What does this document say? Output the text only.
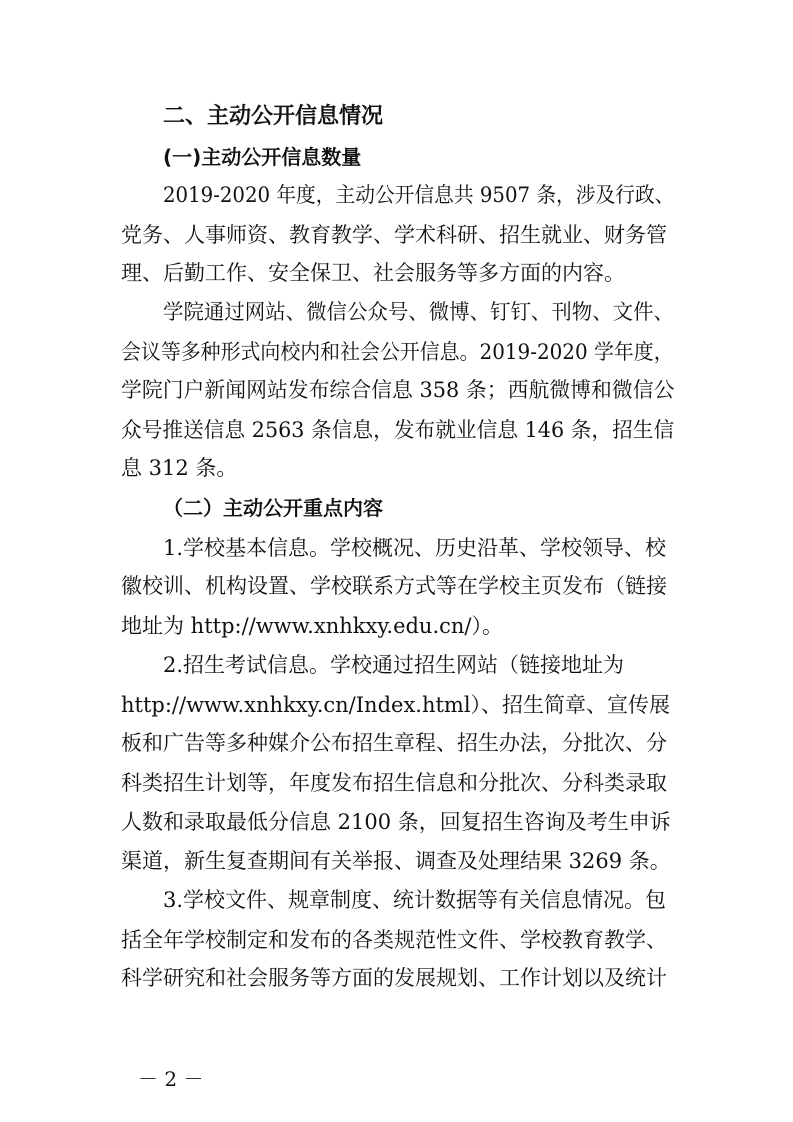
二、主动公开信息情况
(一)主动公开信息数量
2019-2020 年度，主动公开信息共 9507 条，涉及行政、
党务、人事师资、教育教学、学术科研、招生就业、财务管
理、后勤工作、安全保卫、社会服务等多方面的内容。
学院通过网站、微信公众号、微博、钉钉、刊物、文件、
会议等多种形式向校内和社会公开信息。2019-2020 学年度，
学院门户新闻网站发布综合信息 358 条；西航微博和微信公
众号推送信息 2563 条信息，发布就业信息 146 条，招生信
息 312 条。
（二）主动公开重点内容
1.学校基本信息。学校概况、历史沿革、学校领导、校
徽校训、机构设置、学校联系方式等在学校主页发布（链接
地址为 http://www.xnhkxy.edu.cn/）。
2.招生考试信息。学校通过招生网站（链接地址为
http://www.xnhkxy.cn/Index.html）、招生简章、宣传展
板和广告等多种媒介公布招生章程、招生办法，分批次、分
科类招生计划等，年度发布招生信息和分批次、分科类录取
人数和录取最低分信息 2100 条，回复招生咨询及考生申诉
渠道，新生复查期间有关举报、调查及处理结果 3269 条。
3.学校文件、规章制度、统计数据等有关信息情况。包
括全年学校制定和发布的各类规范性文件、学校教育教学、
科学研究和社会服务等方面的发展规划、工作计划以及统计
－ 2 －
